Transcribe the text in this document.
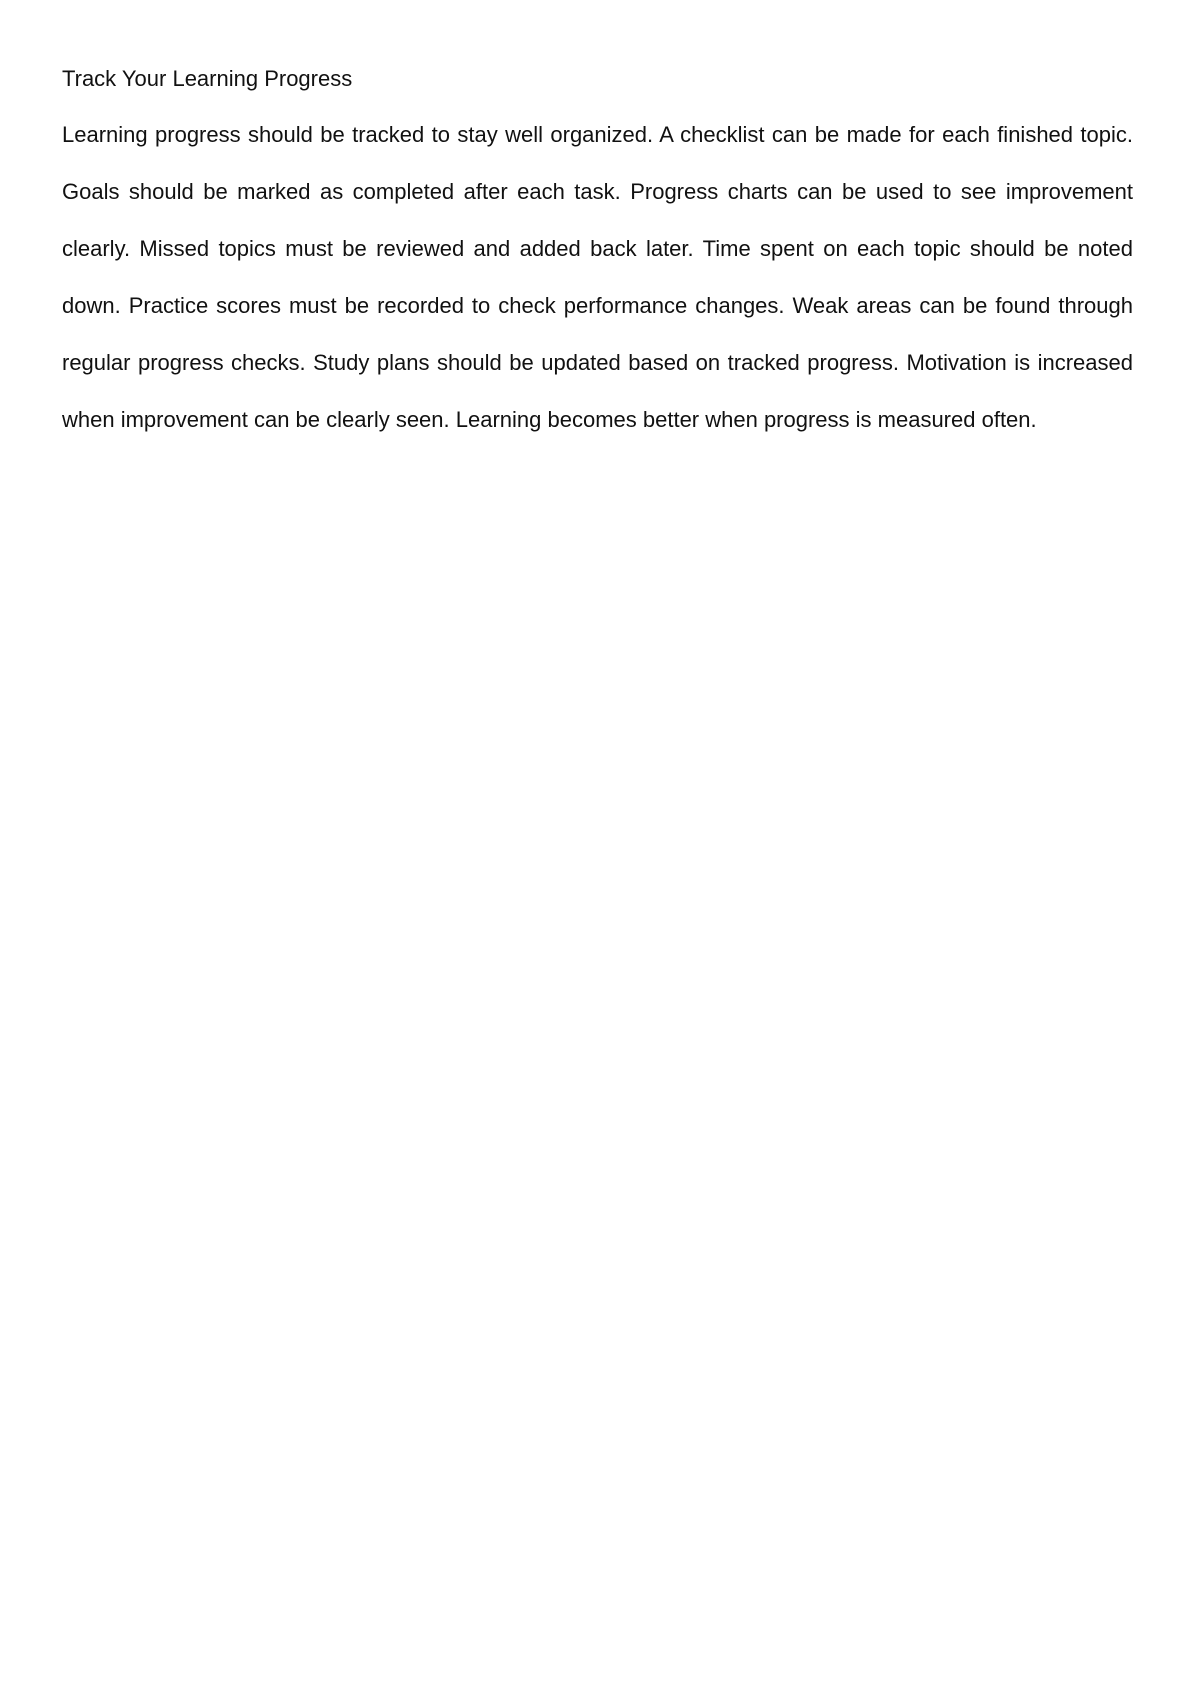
Track Your Learning Progress

Learning progress should be tracked to stay well organized. A checklist can be made for each finished topic. Goals should be marked as completed after each task. Progress charts can be used to see improvement clearly. Missed topics must be reviewed and added back later. Time spent on each topic should be noted down. Practice scores must be recorded to check performance changes. Weak areas can be found through regular progress checks. Study plans should be updated based on tracked progress. Motivation is increased when improvement can be clearly seen. Learning becomes better when progress is measured often.
